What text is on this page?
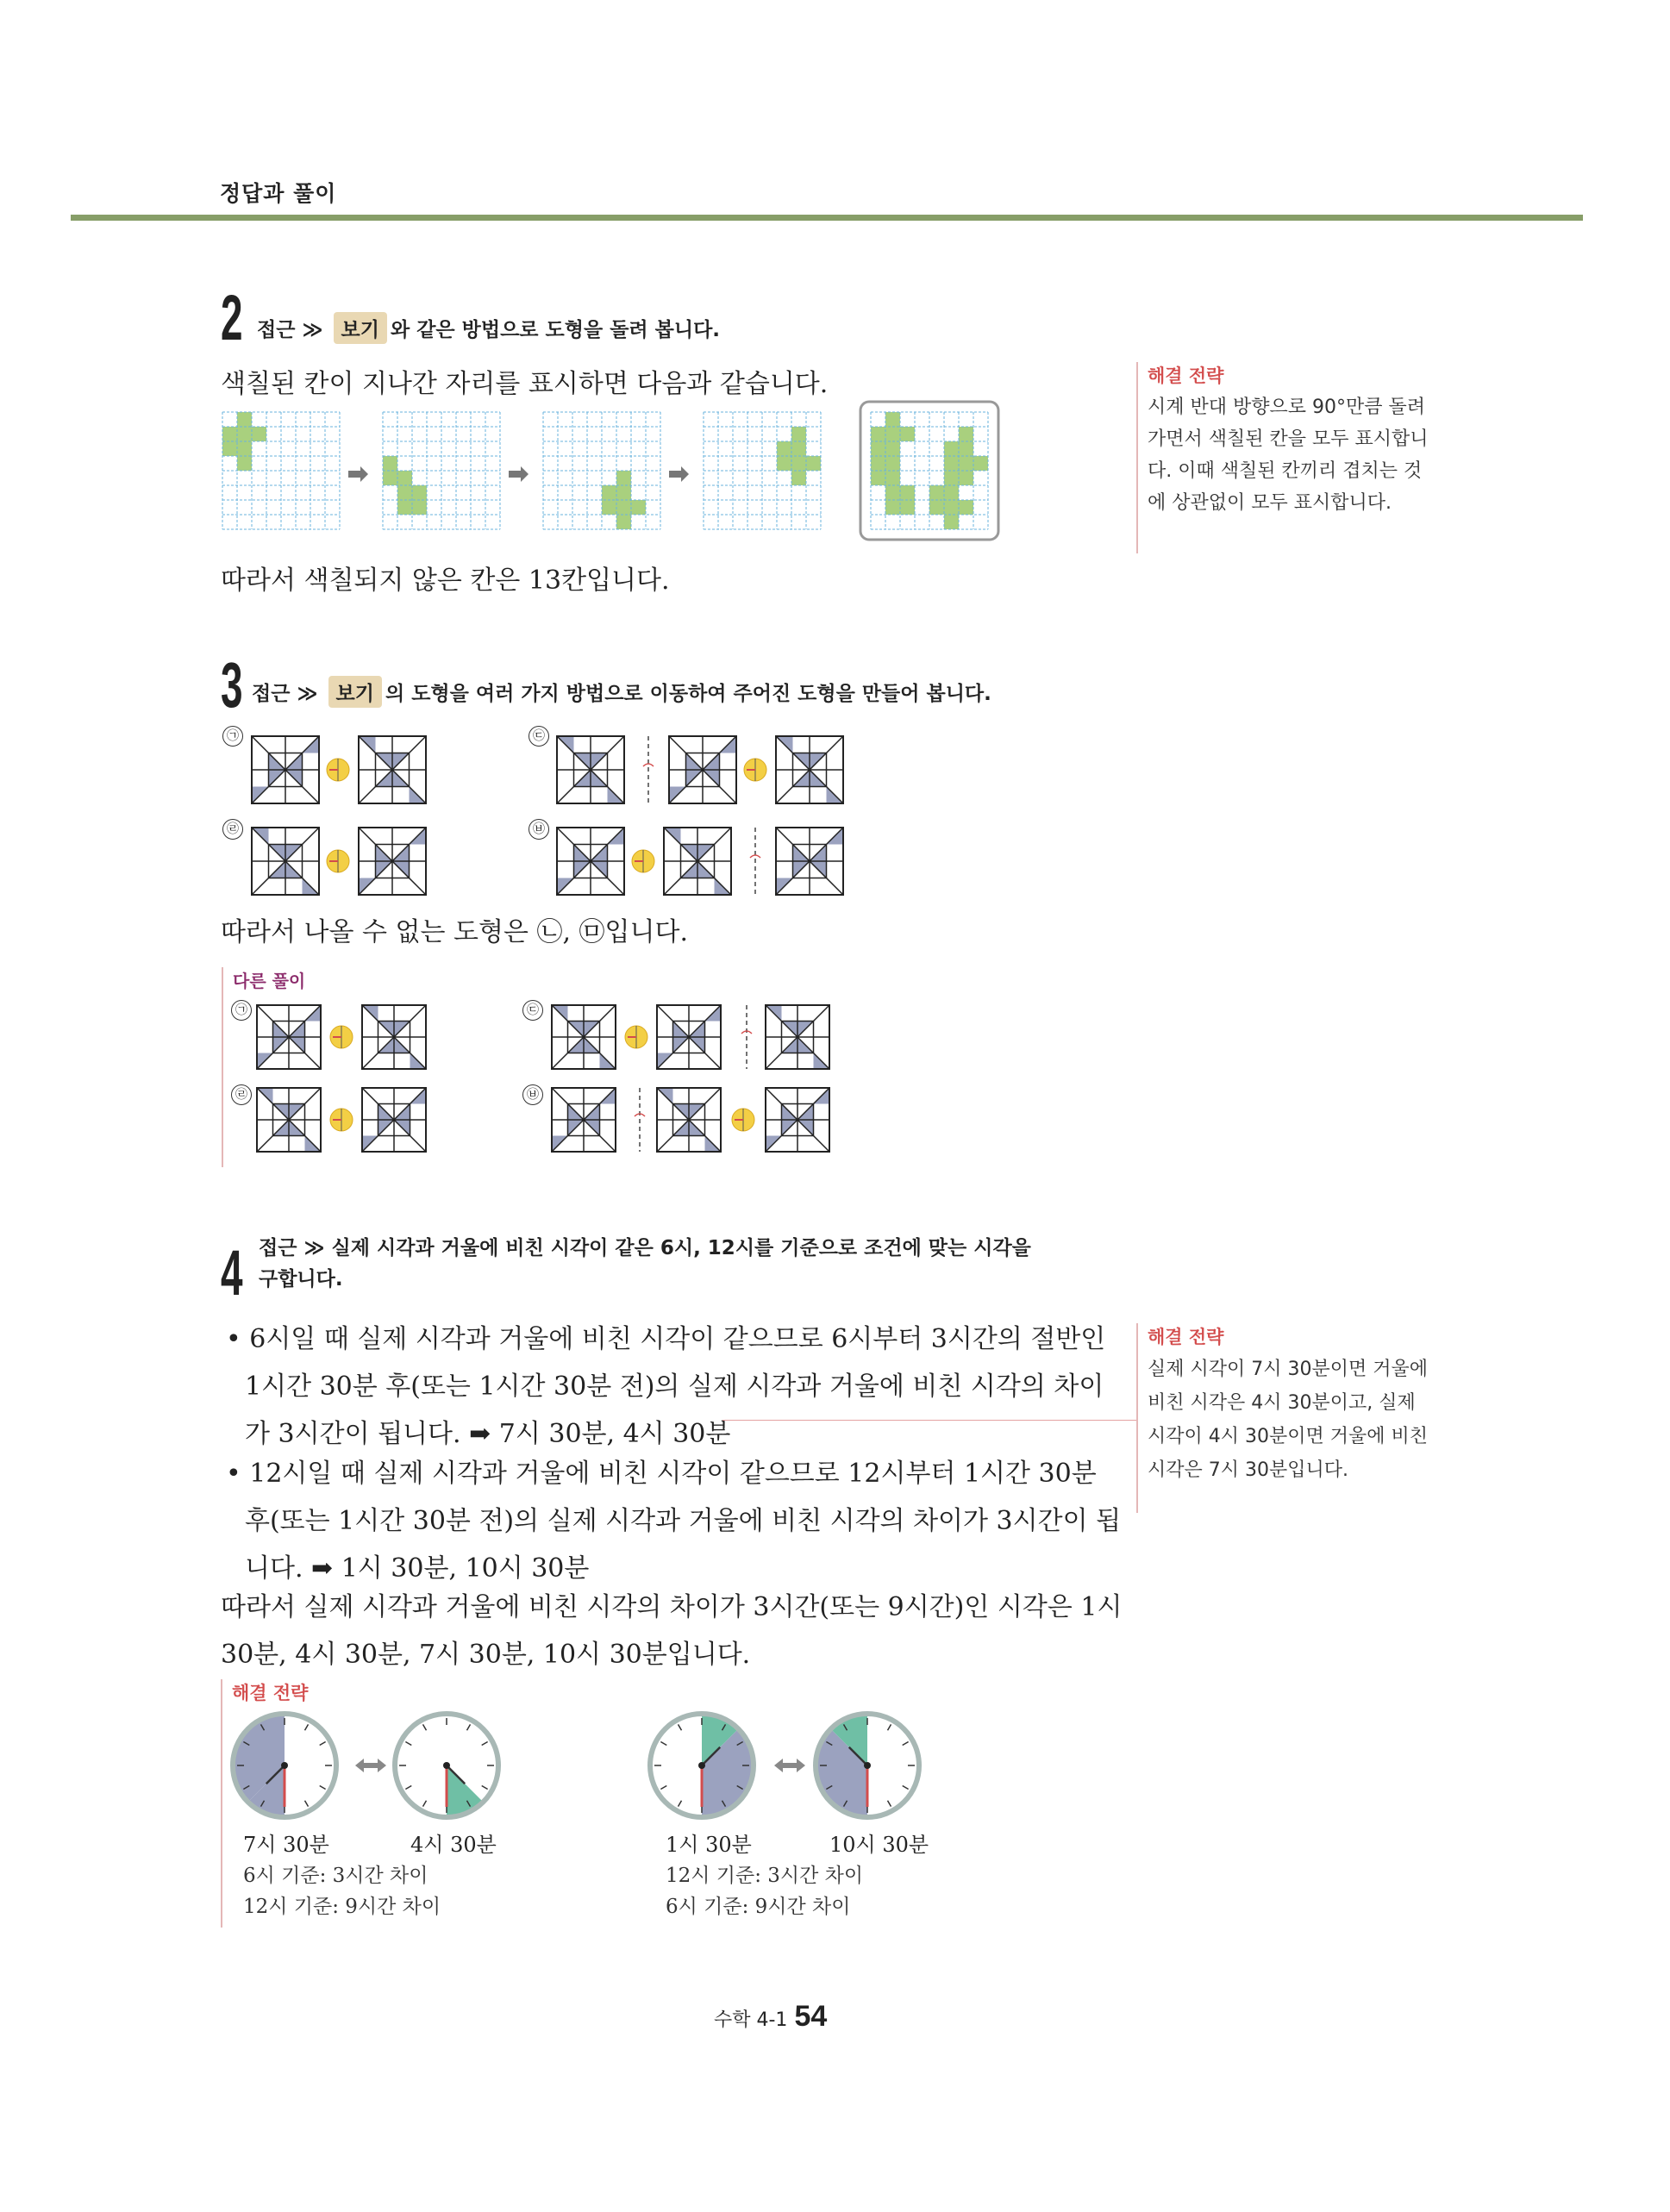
정답과 풀이
2 접근 ≫ 보기 와 같은 방법으로 도형을 돌려 봅니다.
색칠된 칸이 지나간 자리를 표시하면 다음과 같습니다.
따라서 색칠되지 않은 칸은 13칸입니다.
해결 전략
시계 반대 방향으로 90°만큼 돌려 가면서 색칠된 칸을 모두 표시합니다. 이때 색칠된 칸끼리 겹치는 것에 상관없이 모두 표시합니다.
3 접근 ≫ 보기 의 도형을 여러 가지 방법으로 이동하여 주어진 도형을 만들어 봅니다.
㉠	㉢
㉣	㉥
따라서 나올 수 없는 도형은 ㉡, ㉤입니다.
다른 풀이
㉠	㉢
㉣	㉥
4 접근 ≫ 실제 시각과 거울에 비친 시각이 같은 6시, 12시를 기준으로 조건에 맞는 시각을
구합니다.
• 6시일 때 실제 시각과 거울에 비친 시각이 같으므로 6시부터 3시간의 절반인
1시간 30분 후(또는 1시간 30분 전)의 실제 시각과 거울에 비친 시각의 차이
가 3시간이 됩니다. ➡ 7시 30분, 4시 30분
• 12시일 때 실제 시각과 거울에 비친 시각이 같으므로 12시부터 1시간 30분
후(또는 1시간 30분 전)의 실제 시각과 거울에 비친 시각의 차이가 3시간이 됩
니다. ➡ 1시 30분, 10시 30분
따라서 실제 시각과 거울에 비친 시각의 차이가 3시간(또는 9시간)인 시각은 1시
30분, 4시 30분, 7시 30분, 10시 30분입니다.
해결 전략
실제 시각이 7시 30분이면 거울에 비친 시각은 4시 30분이고, 실제 시각이 4시 30분이면 거울에 비친 시각은 7시 30분입니다.
해결 전략
7시 30분	4시 30분	1시 30분	10시 30분
6시 기준: 3시간 차이
12시 기준: 9시간 차이
12시 기준: 3시간 차이
6시 기준: 9시간 차이
수학 4-1 54
